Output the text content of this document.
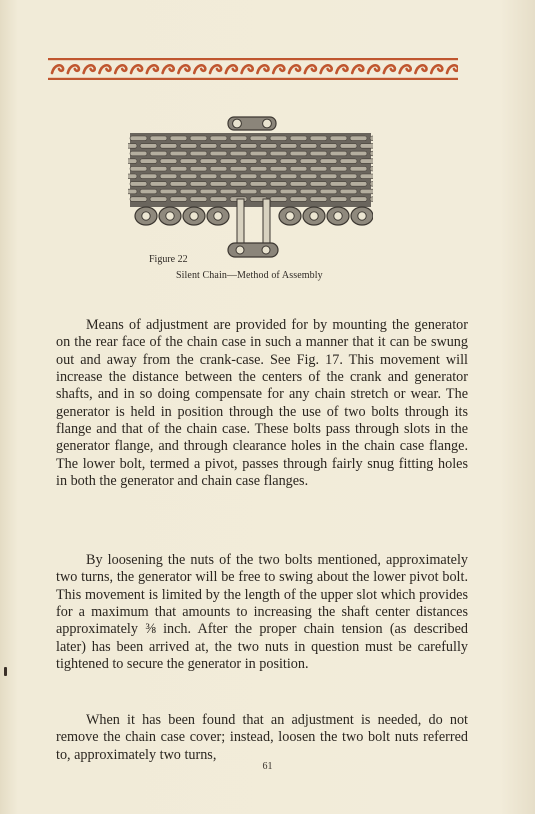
Figure 22
Silent Chain—Method of Assembly

Means of adjustment are provided for by mounting the generator on the rear face of the chain case in such a manner that it can be swung out and away from the crank-case. See Fig. 17. This movement will increase the distance between the centers of the crank and generator shafts, and in so doing compensate for any chain stretch or wear. The generator is held in position through the use of two bolts through its flange and that of the chain case. These bolts pass through slots in the generator flange, and through clearance holes in the chain case flange. The lower bolt, termed a pivot, passes through fairly snug fitting holes in both the generator and chain case flanges.

By loosening the nuts of the two bolts mentioned, approximately two turns, the generator will be free to swing about the lower pivot bolt. This movement is limited by the length of the upper slot which provides for a maximum that amounts to increasing the shaft center distances approximately ⅜ inch. After the proper chain tension (as described later) has been arrived at, the two nuts in question must be carefully tightened to secure the generator in position.

When it has been found that an adjustment is needed, do not remove the chain case cover; instead, loosen the two bolt nuts referred to, approximately two turns,

61
